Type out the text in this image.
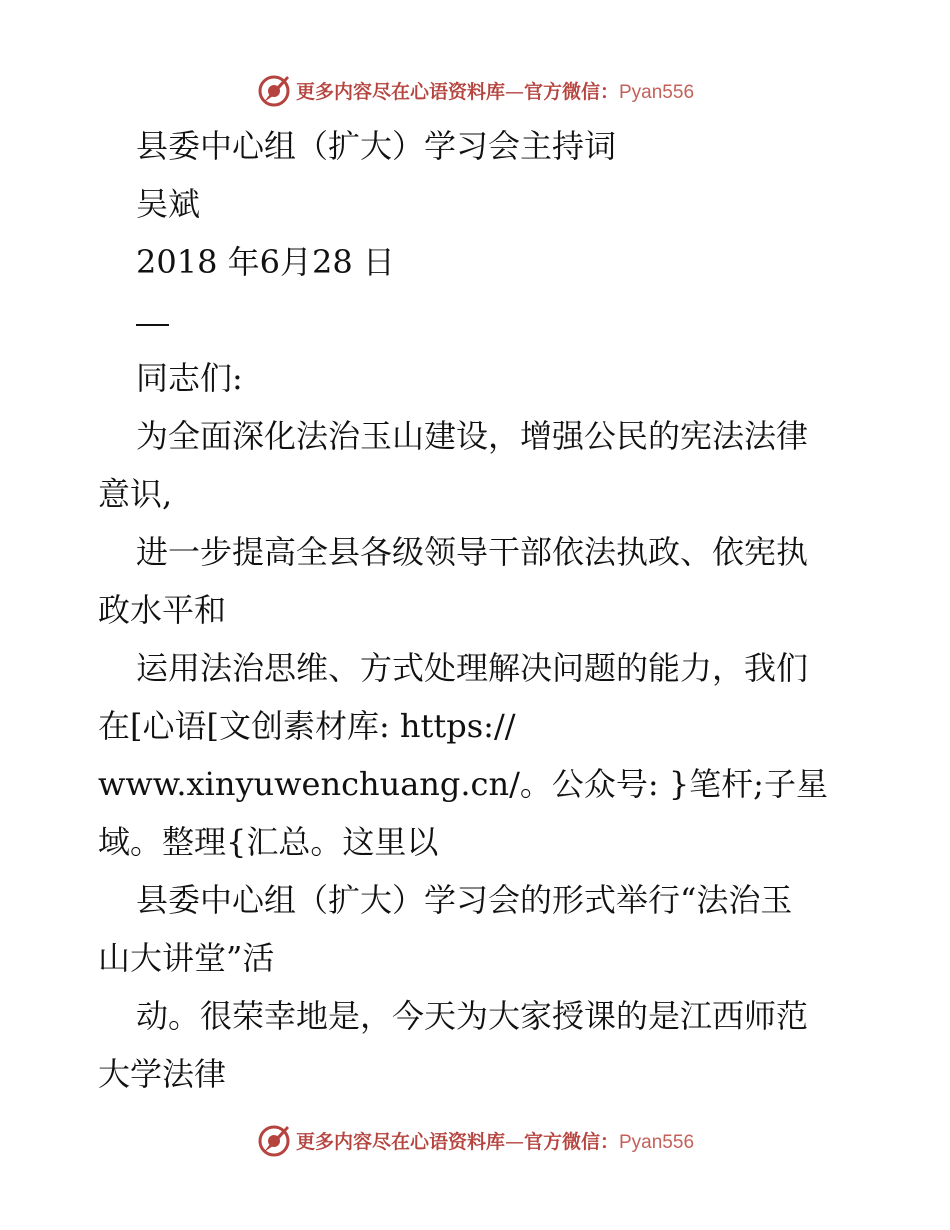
更多内容尽在心语资料库—官方微信：Pyan556

县委中心组（扩大）学习会主持词

吴斌

2018 年6月28 日

同志们:

为全面深化法治玉山建设，增强公民的宪法法律

意识,

进一步提高全县各级领导干部依法执政、依宪执

政水平和

运用法治思维、方式处理解决问题的能力，我们

在[心语[文创素材库: https://

www.xinyuwenchuang.cn/。公众号: }笔杆;子星

域。整理{汇总。这里以

县委中心组（扩大）学习会的形式举行“法治玉

山大讲堂”活

动。很荣幸地是，今天为大家授课的是江西师范

大学法律

更多内容尽在心语资料库—官方微信：Pyan556
